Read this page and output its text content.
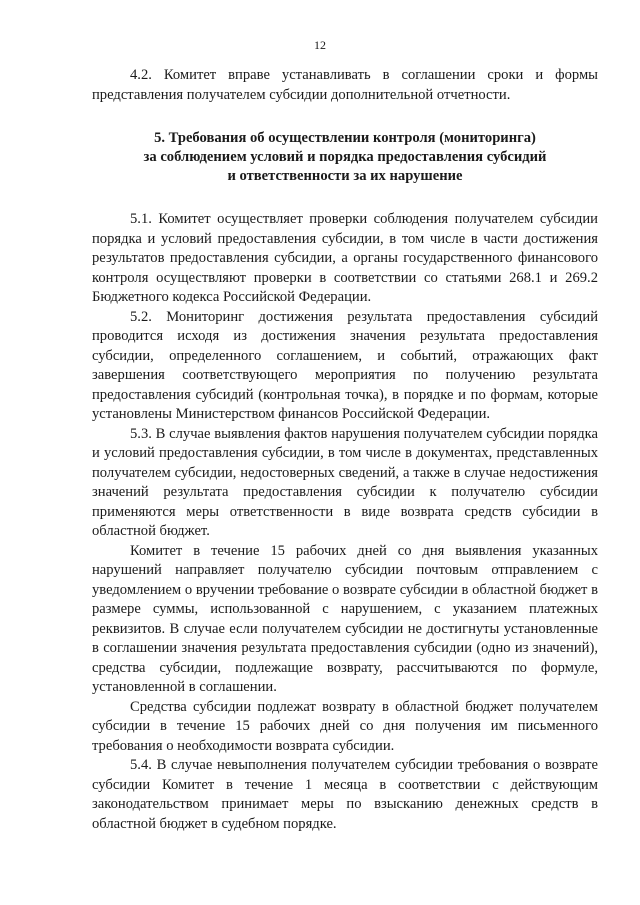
12

4.2. Комитет вправе устанавливать в соглашении сроки и формы представления получателем субсидии дополнительной отчетности.

5. Требования об осуществлении контроля (мониторинга)
за соблюдением условий и порядка предоставления субсидий
и ответственности за их нарушение

5.1. Комитет осуществляет проверки соблюдения получателем субсидии порядка и условий предоставления субсидии, в том числе в части достижения результатов предоставления субсидии, а органы государственного финансового контроля осуществляют проверки в соответствии со статьями 268.1 и 269.2 Бюджетного кодекса Российской Федерации.

5.2. Мониторинг достижения результата предоставления субсидий проводится исходя из достижения значения результата предоставления субсидии, определенного соглашением, и событий, отражающих факт завершения соответствующего мероприятия по получению результата предоставления субсидий (контрольная точка), в порядке и по формам, которые установлены Министерством финансов Российской Федерации.

5.3. В случае выявления фактов нарушения получателем субсидии порядка и условий предоставления субсидии, в том числе в документах, представленных получателем субсидии, недостоверных сведений, а также в случае недостижения значений результата предоставления субсидии к получателю субсидии применяются меры ответственности в виде возврата средств субсидии в областной бюджет.

Комитет в течение 15 рабочих дней со дня выявления указанных нарушений направляет получателю субсидии почтовым отправлением с уведомлением о вручении требование о возврате субсидии в областной бюджет в размере суммы, использованной с нарушением, с указанием платежных реквизитов. В случае если получателем субсидии не достигнуты установленные в соглашении значения результата предоставления субсидии (одно из значений), средства субсидии, подлежащие возврату, рассчитываются по формуле, установленной в соглашении.

Средства субсидии подлежат возврату в областной бюджет получателем субсидии в течение 15 рабочих дней со дня получения им письменного требования о необходимости возврата субсидии.

5.4. В случае невыполнения получателем субсидии требования о возврате субсидии Комитет в течение 1 месяца в соответствии с действующим законодательством принимает меры по взысканию денежных средств в областной бюджет в судебном порядке.
